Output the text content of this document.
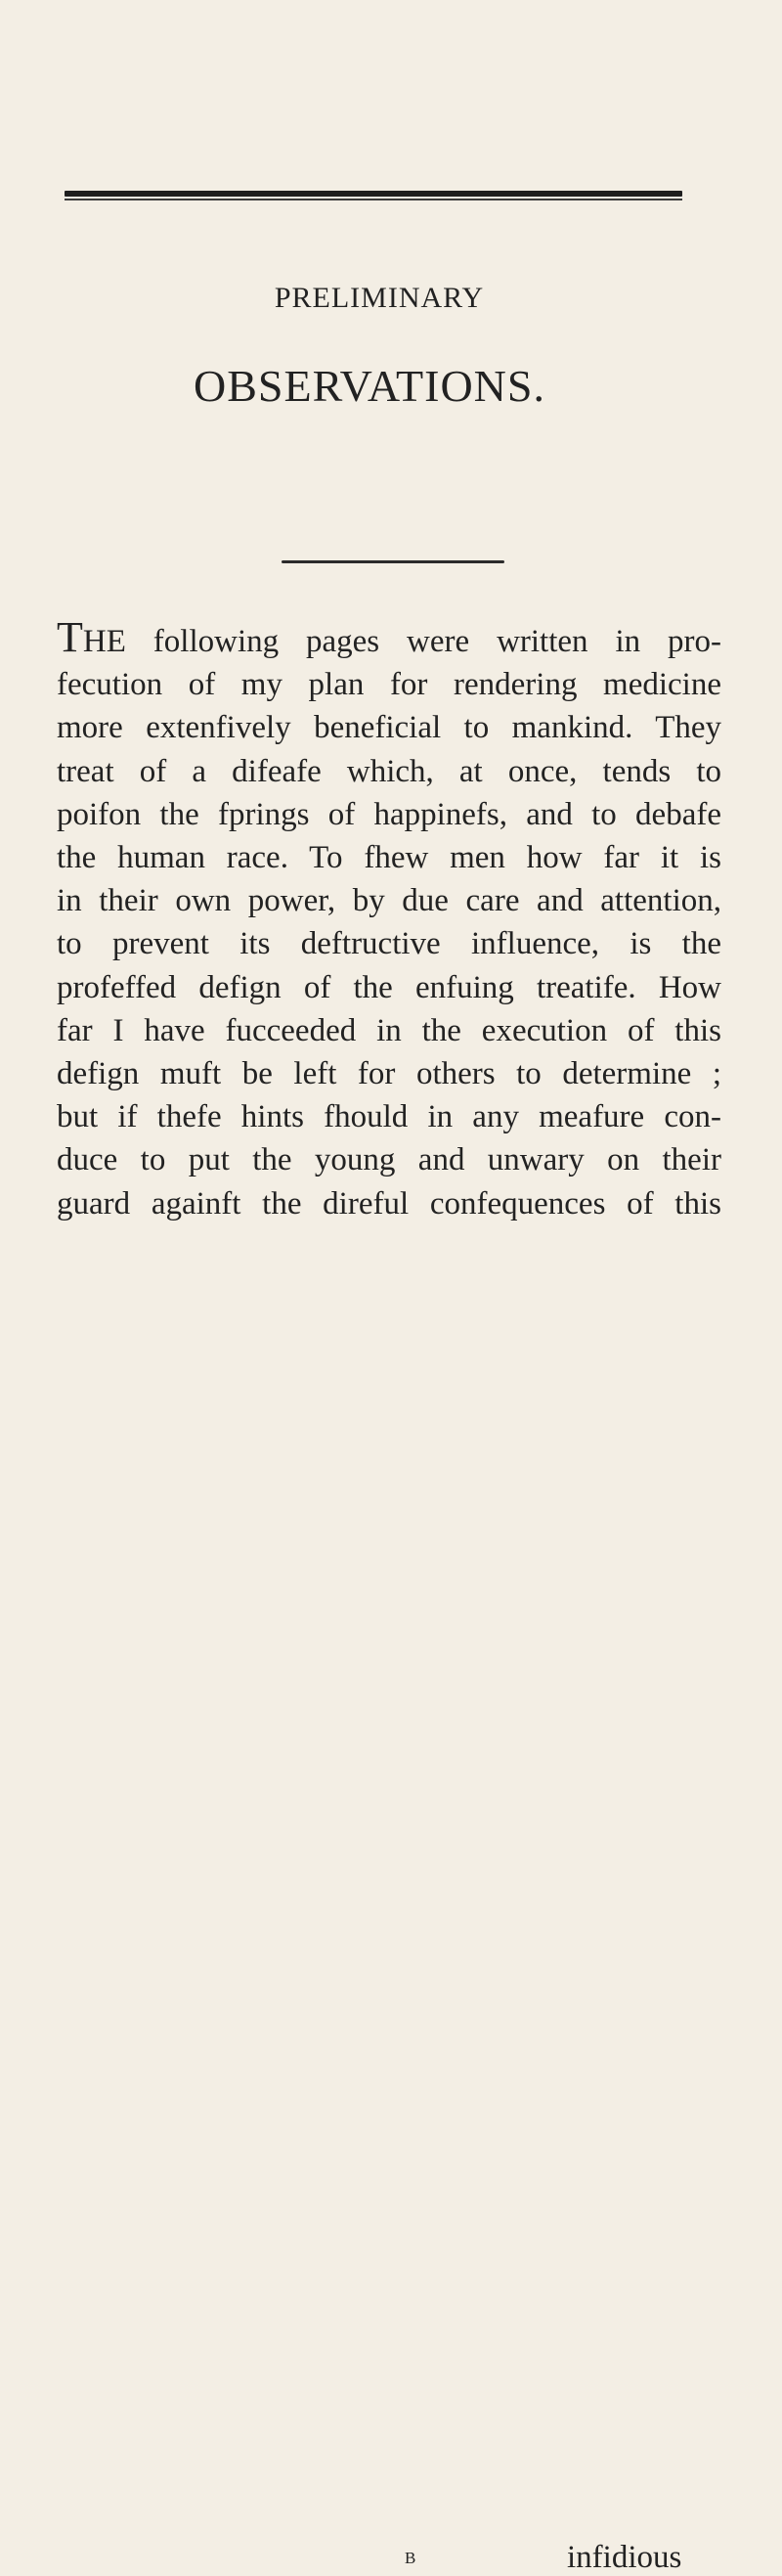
PRELIMINARY
OBSERVATIONS.
THE following pages were written in pro-
fecution of my plan for rendering medicine
more extenfively beneficial to mankind. They
treat of a difeafe which, at once, tends to
poifon the fprings of happinefs, and to debafe
the human race. To fhew men how far it is
in their own power, by due care and attention,
to prevent its deftructive influence, is the
profeffed defign of the enfuing treatife. How
far I have fucceeded in the execution of this
defign muft be left for others to determine ;
but if thefe hints fhould in any meafure con-
duce to put the young and unwary on their
guard againft the direful confequences of this
B	infidious
